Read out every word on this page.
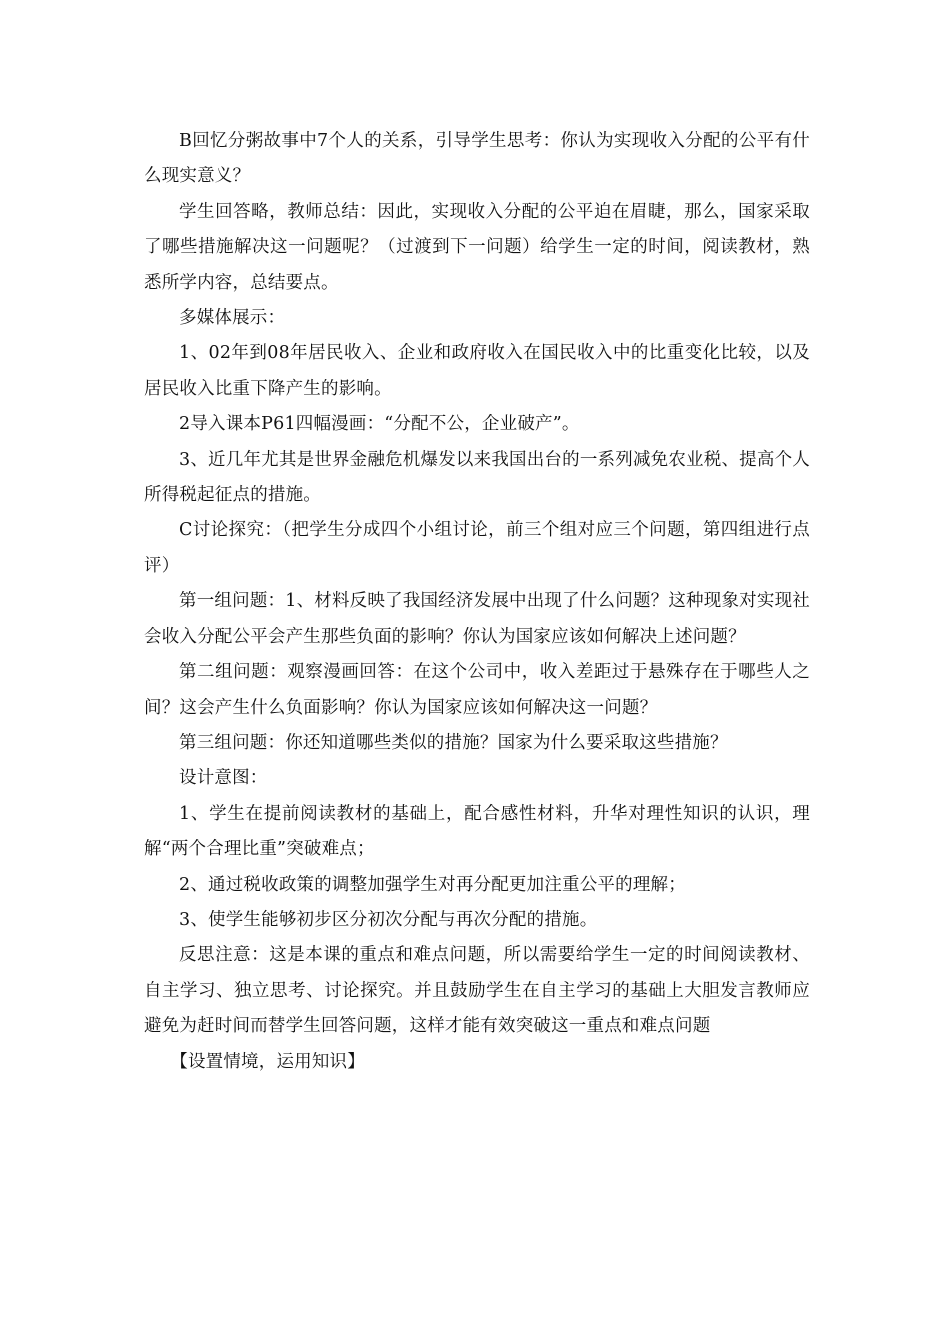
B回忆分粥故事中7个人的关系，引导学生思考：你认为实现收入分配的公平有什么现实意义？

学生回答略，教师总结：因此，实现收入分配的公平迫在眉睫，那么，国家采取了哪些措施解决这一问题呢？（过渡到下一问题）给学生一定的时间，阅读教材，熟悉所学内容，总结要点。

多媒体展示：

1、02年到08年居民收入、企业和政府收入在国民收入中的比重变化比较，以及居民收入比重下降产生的影响。

2导入课本P61四幅漫画：“分配不公，企业破产”。

3、近几年尤其是世界金融危机爆发以来我国出台的一系列减免农业税、提高个人所得税起征点的措施。

C讨论探究：（把学生分成四个小组讨论，前三个组对应三个问题，第四组进行点评）

第一组问题：1、材料反映了我国经济发展中出现了什么问题？这种现象对实现社会收入分配公平会产生那些负面的影响？你认为国家应该如何解决上述问题？

第二组问题：观察漫画回答：在这个公司中，收入差距过于悬殊存在于哪些人之间？这会产生什么负面影响？你认为国家应该如何解决这一问题？

第三组问题：你还知道哪些类似的措施？国家为什么要采取这些措施？

设计意图：

1、学生在提前阅读教材的基础上，配合感性材料，升华对理性知识的认识，理解“两个合理比重”突破难点；

2、通过税收政策的调整加强学生对再分配更加注重公平的理解；

3、使学生能够初步区分初次分配与再次分配的措施。

反思注意：这是本课的重点和难点问题，所以需要给学生一定的时间阅读教材、自主学习、独立思考、讨论探究。并且鼓励学生在自主学习的基础上大胆发言教师应避免为赶时间而替学生回答问题，这样才能有效突破这一重点和难点问题

【设置情境，运用知识】
